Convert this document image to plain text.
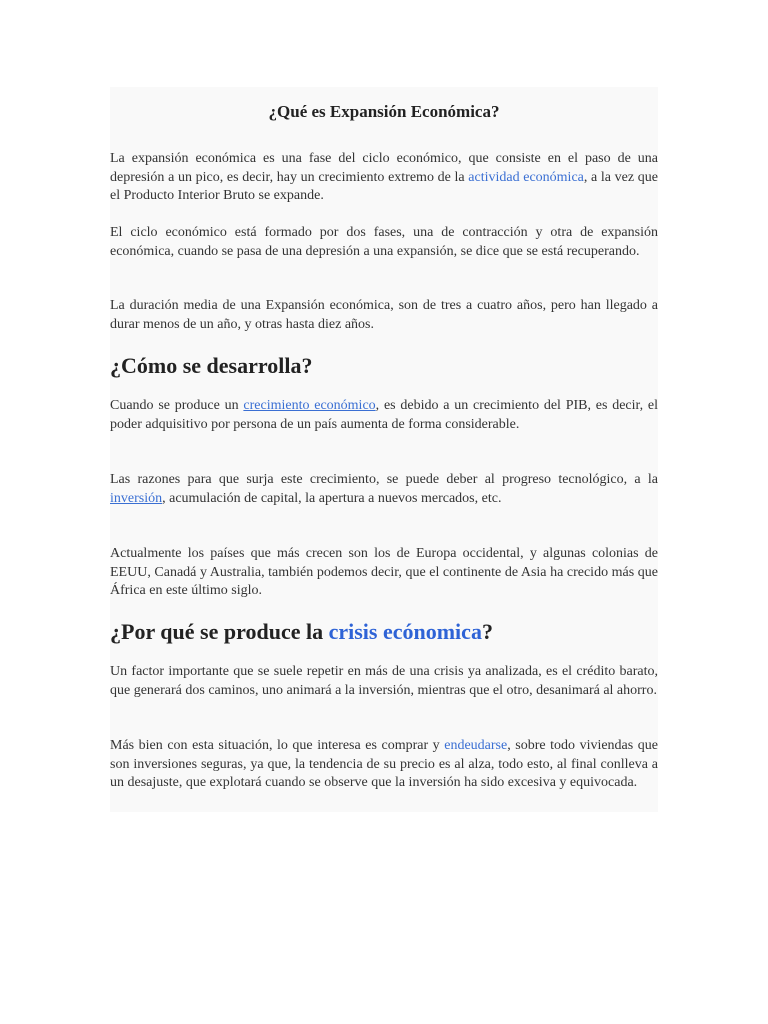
¿Qué es Expansión Económica?

La expansión económica es una fase del ciclo económico, que consiste en el paso de una depresión a un pico, es decir, hay un crecimiento extremo de la actividad económica, a la vez que el Producto Interior Bruto se expande.

El ciclo económico está formado por dos fases, una de contracción y otra de expansión económica, cuando se pasa de una depresión a una expansión, se dice que se está recuperando.

La duración media de una Expansión económica, son de tres a cuatro años, pero han llegado a durar menos de un año, y otras hasta diez años.

¿Cómo se desarrolla?

Cuando se produce un crecimiento económico, es debido a un crecimiento del PIB, es decir, el poder adquisitivo por persona de un país aumenta de forma considerable.

Las razones para que surja este crecimiento, se puede deber al progreso tecnológico, a la inversión, acumulación de capital, la apertura a nuevos mercados, etc.

Actualmente los países que más crecen son los de Europa occidental, y algunas colonias de EEUU, Canadá y Australia, también podemos decir, que el continente de Asia ha crecido más que África en este último siglo.

¿Por qué se produce la crisis ecónomica?

Un factor importante que se suele repetir en más de una crisis ya analizada, es el crédito barato, que generará dos caminos, uno animará a la inversión, mientras que el otro, desanimará al ahorro.

Más bien con esta situación, lo que interesa es comprar y endeudarse, sobre todo viviendas que son inversiones seguras, ya que, la tendencia de su precio es al alza, todo esto, al final conlleva a un desajuste, que explotará cuando se observe que la inversión ha sido excesiva y equivocada.
